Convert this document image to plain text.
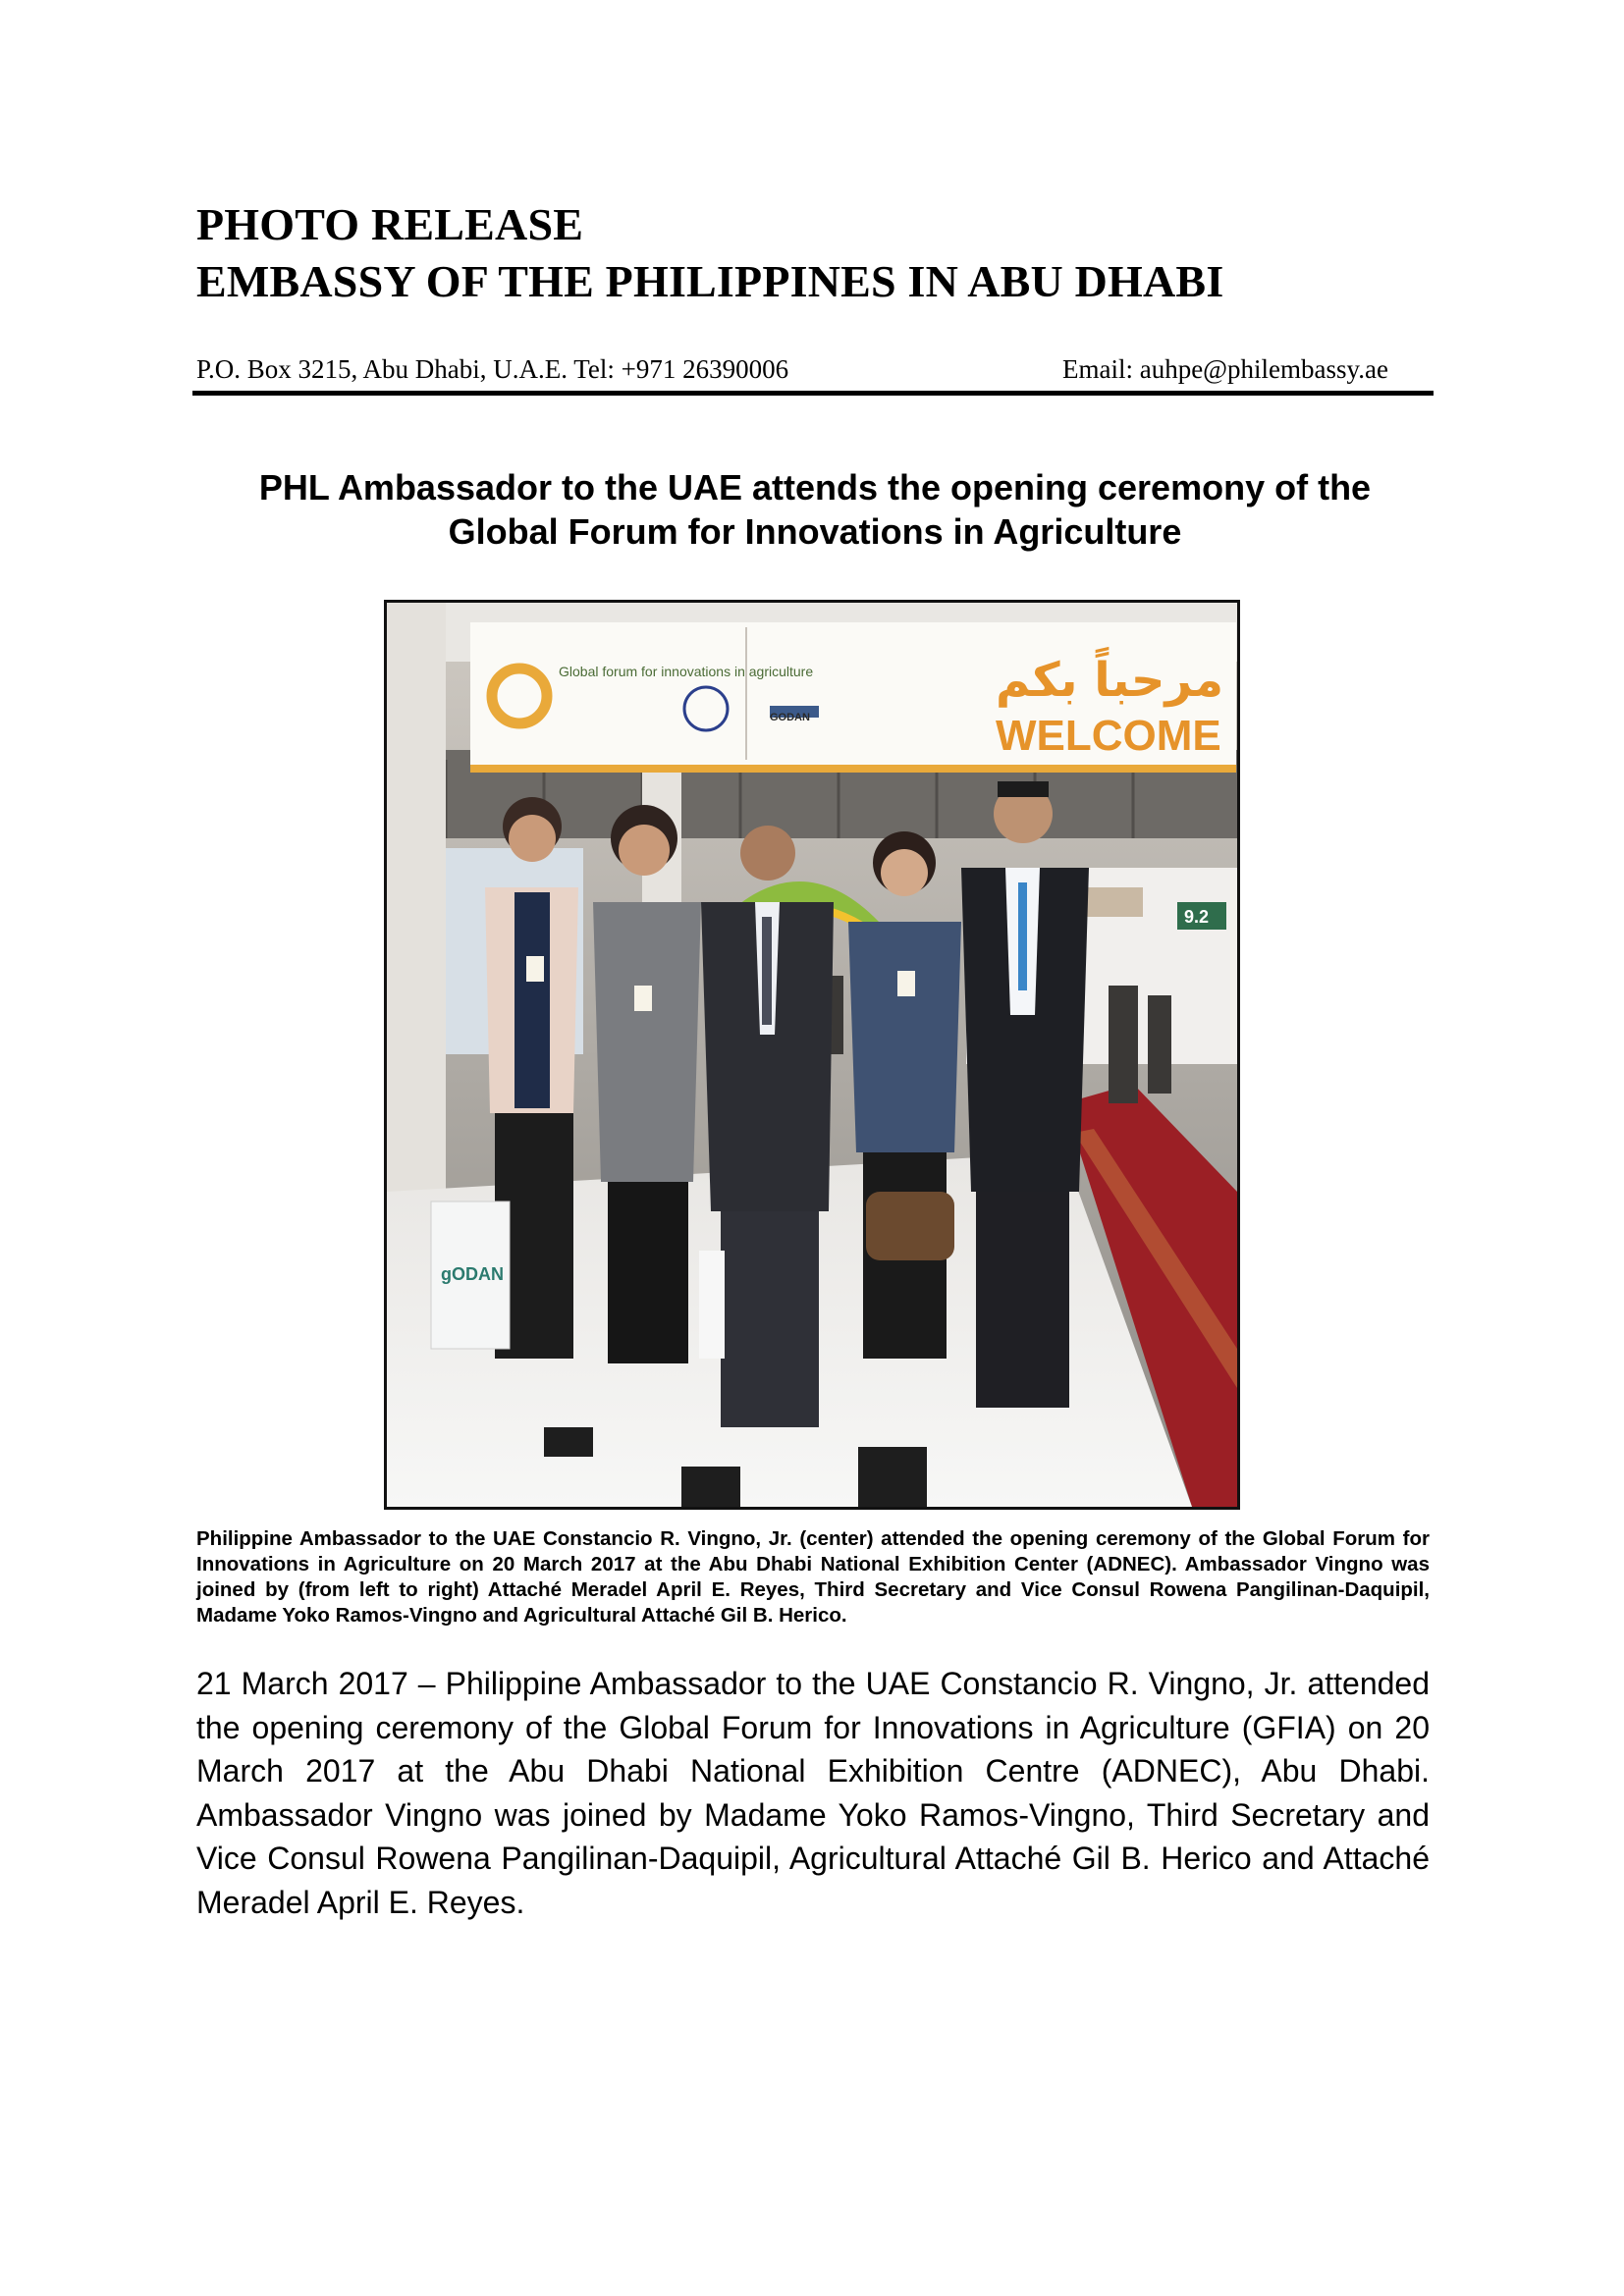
PHOTO RELEASE
EMBASSY OF THE PHILIPPINES IN ABU DHABI
P.O. Box 3215, Abu Dhabi, U.A.E. Tel: +971 26390006	Email: auhpe@philembassy.ae
PHL Ambassador to the UAE attends the opening ceremony of the
Global Forum for Innovations in Agriculture
9.2
Global forum for innovations in agriculture
GODAN
مرحباً بكم
WELCOME
gODAN
Philippine Ambassador to the UAE Constancio R. Vingno, Jr. (center) attended the opening ceremony of the Global Forum for Innovations in Agriculture on 20 March 2017 at the Abu Dhabi National Exhibition Center (ADNEC). Ambassador Vingno was joined by (from left to right) Attaché Meradel April E. Reyes, Third Secretary and Vice Consul Rowena Pangilinan-Daquipil, Madame Yoko Ramos-Vingno and Agricultural Attaché Gil B. Herico.
21 March 2017 – Philippine Ambassador to the UAE Constancio R. Vingno, Jr. attended the opening ceremony of the Global Forum for Innovations in Agriculture (GFIA) on 20 March 2017 at the Abu Dhabi National Exhibition Centre (ADNEC), Abu Dhabi. Ambassador Vingno was joined by Madame Yoko Ramos-Vingno, Third Secretary and Vice Consul Rowena Pangilinan-Daquipil, Agricultural Attaché Gil B. Herico and Attaché Meradel April E. Reyes.
